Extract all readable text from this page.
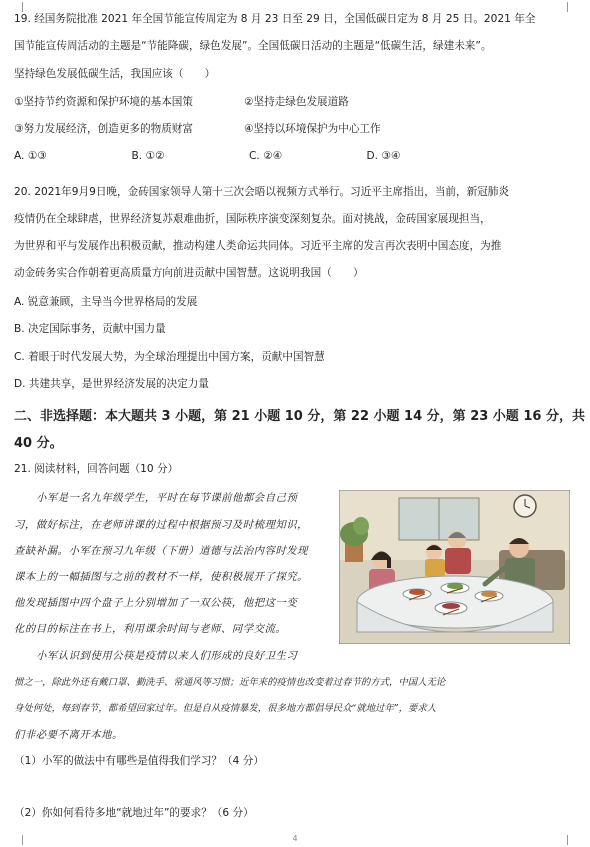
19. 经国务院批准 2021 年全国节能宣传周定为 8 月 23 日至 29 日，全国低碳日定为 8 月 25 日。2021 年全
国节能宣传周活动的主题是“节能降碳，绿色发展”。全国低碳日活动的主题是“低碳生活，绿建未来”。
坚持绿色发展低碳生活，我国应该（　　）
①坚持节约资源和保护环境的基本国策	②坚持走绿色发展道路
③努力发展经济，创造更多的物质财富	④坚持以环境保护为中心工作
A. ①③	B. ①②	C. ②④	D. ③④
20. 2021年9月9日晚，金砖国家领导人第十三次会晤以视频方式举行。习近平主席指出，当前，新冠肺炎
疫情仍在全球肆虐，世界经济复苏艰难曲折，国际秩序演变深刻复杂。面对挑战，金砖国家展现担当，
为世界和平与发展作出积极贡献，推动构建人类命运共同体。习近平主席的发言再次表明中国态度，为推
动金砖务实合作朝着更高质量方向前进贡献中国智慧。这说明我国（　　）
A. 锐意兼顾，主导当今世界格局的发展
B. 决定国际事务，贡献中国力量
C. 着眼于时代发展大势，为全球治理提出中国方案，贡献中国智慧
D. 共建共享，是世界经济发展的决定力量
二、非选择题：本大题共 3 小题，第 21 小题 10 分，第 22 小题 14 分，第 23 小题 16 分，共
40 分。
21. 阅读材料，回答问题（10 分）
小军是一名九年级学生，平时在每节课前他都会自己预
习，做好标注，在老师讲课的过程中根据预习及时梳理知识，
查缺补漏。小军在预习九年级（下册）道德与法治内容时发现
课本上的一幅插图与之前的教材不一样，使积极展开了探究。
他发现插图中四个盘子上分别增加了一双公筷，他把这一变
化的目的标注在书上，利用课余时间与老师、同学交流。
小军认识到使用公筷是疫情以来人们形成的良好卫生习
惯之一，除此外还有戴口罩、勤洗手、常通风等习惯；近年来的疫情也改变着过春节的方式，中国人无论
身处何处，每到春节，都希望回家过年。但是自从疫情暴发，很多地方都倡导民众“就地过年”，要求人
们非必要不离开本地。
（1）小军的做法中有哪些是值得我们学习？（4 分）
（2）你如何看待多地“就地过年”的要求？（6 分）
4
